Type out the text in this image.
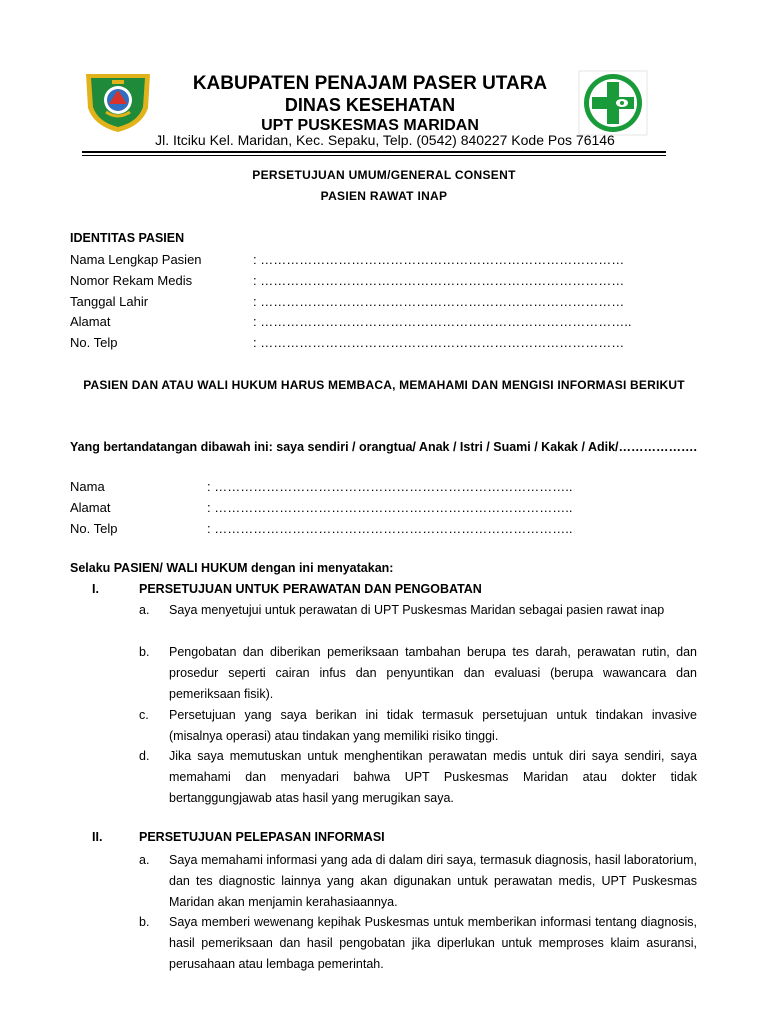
KABUPATEN PENAJAM PASER UTARA
DINAS KESEHATAN
UPT PUSKESMAS MARIDAN
Jl. Itciku Kel. Maridan, Kec. Sepaku, Telp. (0542) 840227 Kode Pos 76146
PERSETUJUAN UMUM/GENERAL CONSENT
PASIEN RAWAT INAP
IDENTITAS PASIEN
Nama Lengkap Pasien	: …………………………………………………………………………
Nomor Rekam Medis	: …………………………………………………………………………
Tanggal Lahir	: …………………………………………………………………………
Alamat	: …………………………………………………………………………..
No. Telp	: …………………………………………………………………………
PASIEN DAN ATAU WALI HUKUM HARUS MEMBACA, MEMAHAMI DAN MENGISI INFORMASI BERIKUT
Yang bertandatangan dibawah ini: saya sendiri / orangtua/ Anak / Istri / Suami / Kakak / Adik/……………….
Nama	: ………………………………………………………………………..
Alamat	: ………………………………………………………………………..
No. Telp	: ………………………………………………………………………..
Selaku PASIEN/ WALI HUKUM dengan ini menyatakan:
I.	PERSETUJUAN UNTUK PERAWATAN DAN PENGOBATAN
a.	Saya menyetujui untuk perawatan di UPT Puskesmas Maridan sebagai pasien rawat inap
b.	Pengobatan dan diberikan pemeriksaan tambahan berupa tes darah, perawatan rutin, dan prosedur seperti cairan infus dan penyuntikan dan evaluasi (berupa wawancara dan pemeriksaan fisik).
c.	Persetujuan yang saya berikan ini tidak termasuk persetujuan untuk tindakan invasive (misalnya operasi) atau tindakan yang memiliki risiko tinggi.
d.	Jika saya memutuskan untuk menghentikan perawatan medis untuk diri saya sendiri, saya memahami dan menyadari bahwa UPT Puskesmas Maridan atau dokter tidak bertanggungjawab atas hasil yang merugikan saya.
II.	PERSETUJUAN PELEPASAN INFORMASI
a.	Saya memahami informasi yang ada di dalam diri saya, termasuk diagnosis, hasil laboratorium, dan tes diagnostic lainnya yang akan digunakan untuk perawatan medis, UPT Puskesmas Maridan akan menjamin kerahasiaannya.
b.	Saya memberi wewenang kepihak Puskesmas untuk memberikan informasi tentang diagnosis, hasil pemeriksaan dan hasil pengobatan jika diperlukan untuk memproses klaim asuransi, perusahaan atau lembaga pemerintah.
